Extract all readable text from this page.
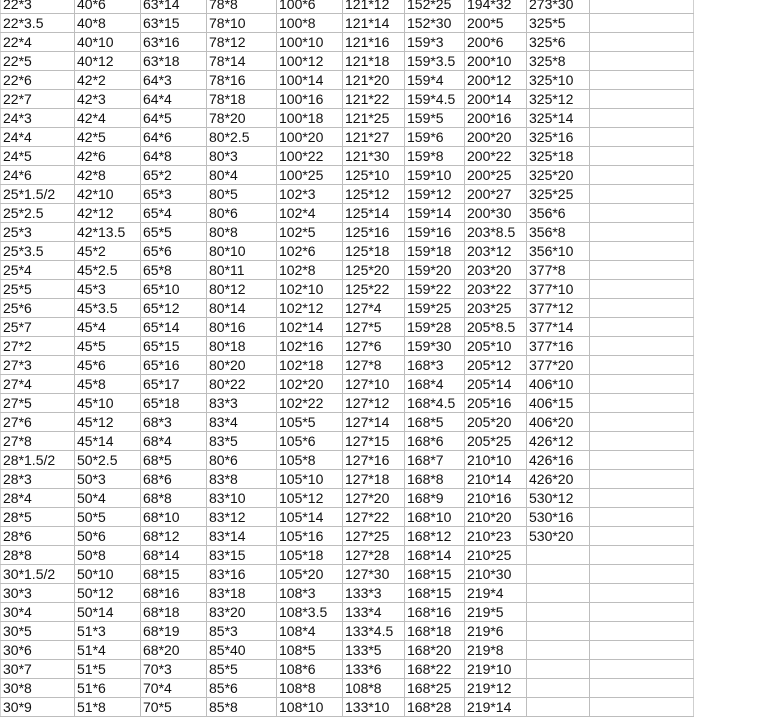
22*3	40*6	63*14	78*8	100*6	121*12	152*25	194*32	273*30	
22*3.5	40*8	63*15	78*10	100*8	121*14	152*30	200*5	325*5	
22*4	40*10	63*16	78*12	100*10	121*16	159*3	200*6	325*6	
22*5	40*12	63*18	78*14	100*12	121*18	159*3.5	200*10	325*8	
22*6	42*2	64*3	78*16	100*14	121*20	159*4	200*12	325*10	
22*7	42*3	64*4	78*18	100*16	121*22	159*4.5	200*14	325*12	
24*3	42*4	64*5	78*20	100*18	121*25	159*5	200*16	325*14	
24*4	42*5	64*6	80*2.5	100*20	121*27	159*6	200*20	325*16	
24*5	42*6	64*8	80*3	100*22	121*30	159*8	200*22	325*18	
24*6	42*8	65*2	80*4	100*25	125*10	159*10	200*25	325*20	
25*1.5/2	42*10	65*3	80*5	102*3	125*12	159*12	200*27	325*25	
25*2.5	42*12	65*4	80*6	102*4	125*14	159*14	200*30	356*6	
25*3	42*13.5	65*5	80*8	102*5	125*16	159*16	203*8.5	356*8	
25*3.5	45*2	65*6	80*10	102*6	125*18	159*18	203*12	356*10	
25*4	45*2.5	65*8	80*11	102*8	125*20	159*20	203*20	377*8	
25*5	45*3	65*10	80*12	102*10	125*22	159*22	203*22	377*10	
25*6	45*3.5	65*12	80*14	102*12	127*4	159*25	203*25	377*12	
25*7	45*4	65*14	80*16	102*14	127*5	159*28	205*8.5	377*14	
27*2	45*5	65*15	80*18	102*16	127*6	159*30	205*10	377*16	
27*3	45*6	65*16	80*20	102*18	127*8	168*3	205*12	377*20	
27*4	45*8	65*17	80*22	102*20	127*10	168*4	205*14	406*10	
27*5	45*10	65*18	83*3	102*22	127*12	168*4.5	205*16	406*15	
27*6	45*12	68*3	83*4	105*5	127*14	168*5	205*20	406*20	
27*8	45*14	68*4	83*5	105*6	127*15	168*6	205*25	426*12	
28*1.5/2	50*2.5	68*5	80*6	105*8	127*16	168*7	210*10	426*16	
28*3	50*3	68*6	83*8	105*10	127*18	168*8	210*14	426*20	
28*4	50*4	68*8	83*10	105*12	127*20	168*9	210*16	530*12	
28*5	50*5	68*10	83*12	105*14	127*22	168*10	210*20	530*16	
28*6	50*6	68*12	83*14	105*16	127*25	168*12	210*23	530*20	
28*8	50*8	68*14	83*15	105*18	127*28	168*14	210*25		
30*1.5/2	50*10	68*15	83*16	105*20	127*30	168*15	210*30		
30*3	50*12	68*16	83*18	108*3	133*3	168*15	219*4		
30*4	50*14	68*18	83*20	108*3.5	133*4	168*16	219*5		
30*5	51*3	68*19	85*3	108*4	133*4.5	168*18	219*6		
30*6	51*4	68*20	85*40	108*5	133*5	168*20	219*8		
30*7	51*5	70*3	85*5	108*6	133*6	168*22	219*10		
30*8	51*6	70*4	85*6	108*8	108*8	168*25	219*12		
30*9	51*8	70*5	85*8	108*10	133*10	168*28	219*14		
